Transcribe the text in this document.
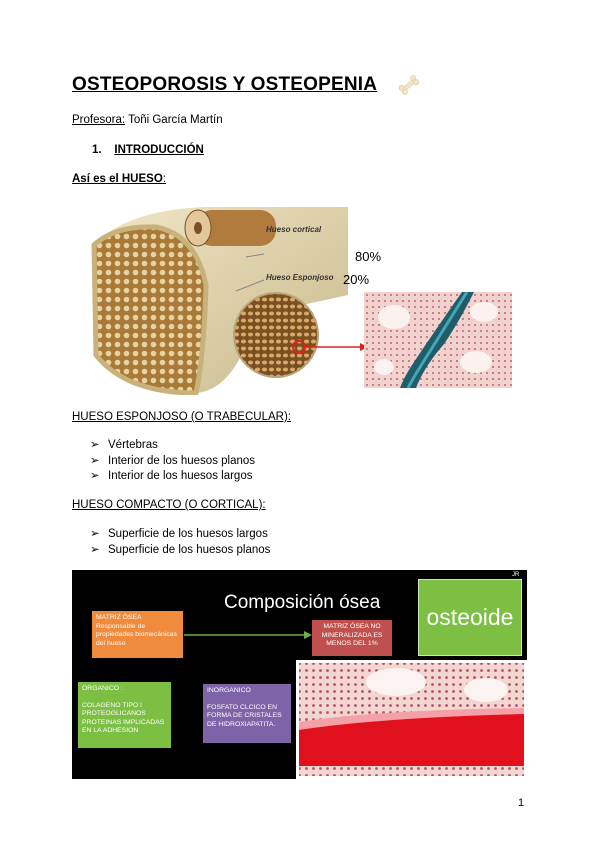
OSTEOPOROSIS Y OSTEOPENIA
Profesora: Toñi García Martín
1. INTRODUCCIÓN
Así es el HUESO:
Hueso cortical
Hueso Esponjoso
80%
20%
HUESO ESPONJOSO (O TRABECULAR):
➢ Vértebras
➢ Interior de los huesos planos
➢ Interior de los huesos largos
HUESO COMPACTO (O CORTICAL):
➢ Superficie de los huesos largos
➢ Superficie de los huesos planos
Composición ósea
JR
osteoide
MATRIZ ÓSEA
Responsable de propiedades biomecánicas del hueso
MATRIZ ÓSEA NO MINERALIZADA ES MENOS DEL 1%
ORGANICO :
COLAGENO TIPO I PROTEOGLICANOS PROTEINAS IMPLICADAS EN LA ADHESION
INORGANICO
FOSFATO CLCICO EN FORMA DE CRISTALES DE HIDROXIAPATITA.
1
